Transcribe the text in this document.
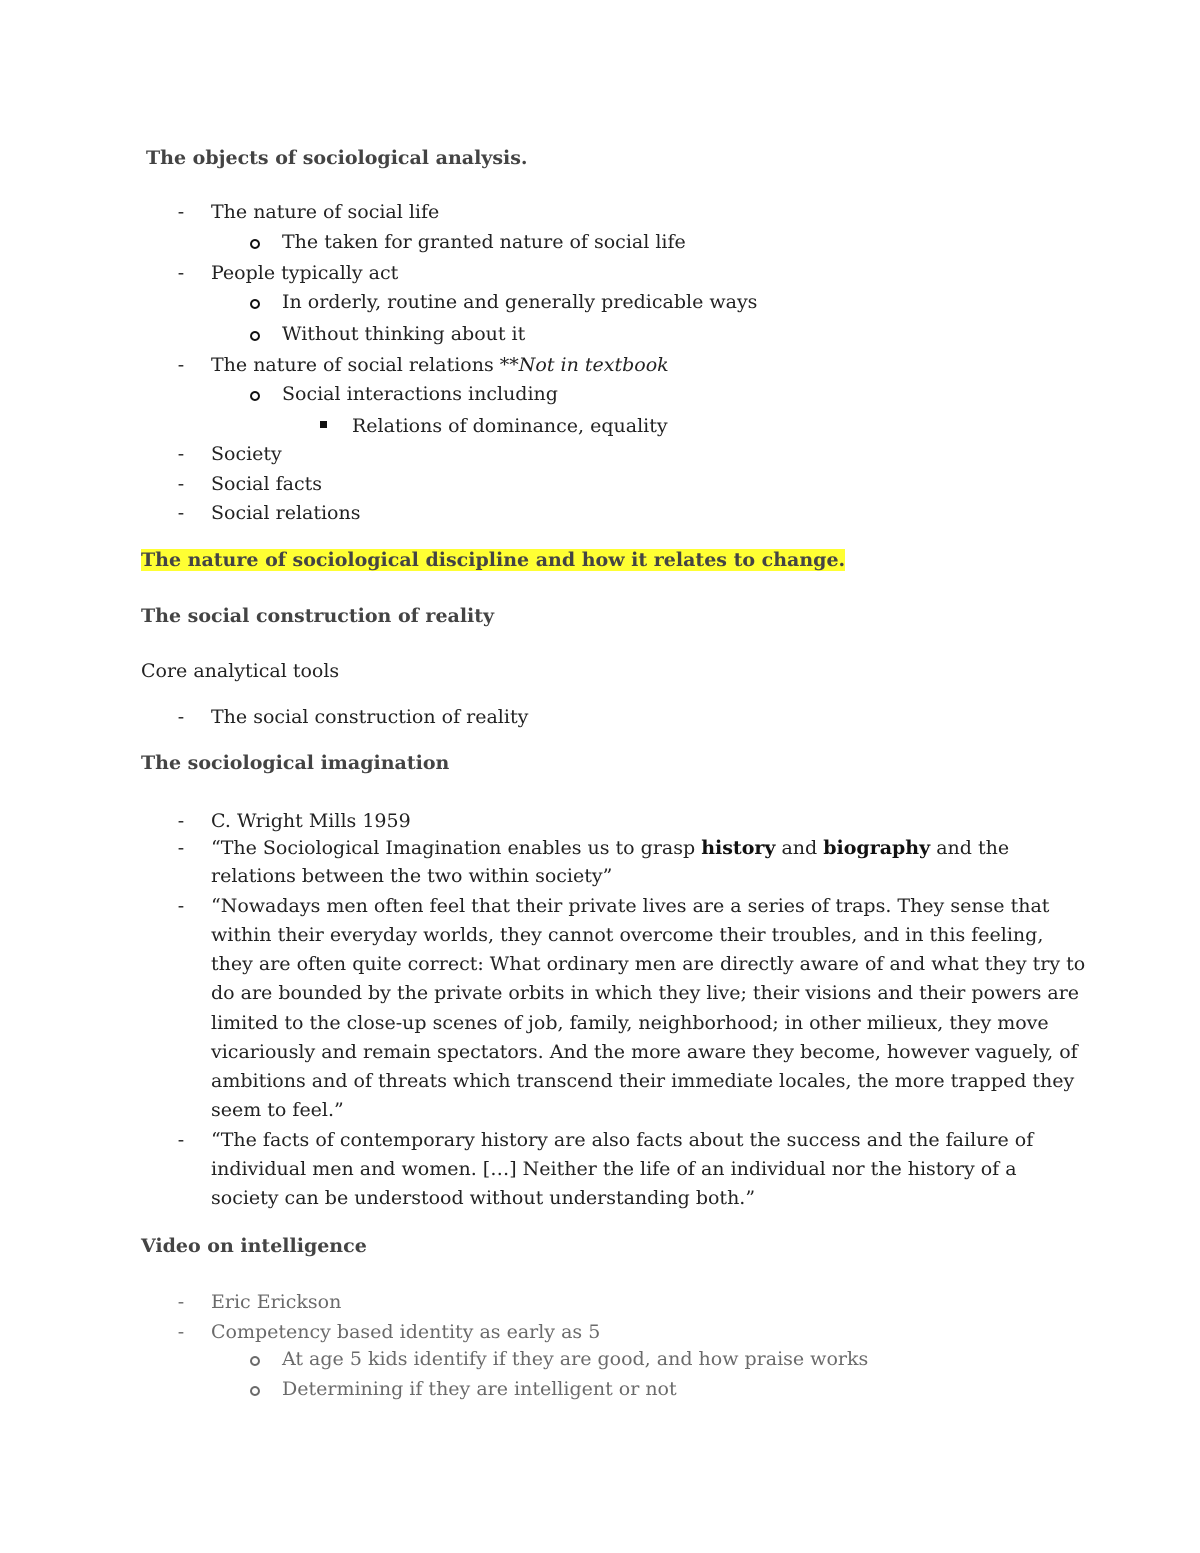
The objects of sociological analysis.
- The nature of social life
The taken for granted nature of social life
- People typically act
In orderly, routine and generally predicable ways
Without thinking about it
- The nature of social relations **Not in textbook
Social interactions including
Relations of dominance, equality
- Society
- Social facts
- Social relations
The nature of sociological discipline and how it relates to change.
The social construction of reality
Core analytical tools
- The social construction of reality
The sociological imagination
- C. Wright Mills 1959
- “The Sociological Imagination enables us to grasp history and biography and the
relations between the two within society”
- “Nowadays men often feel that their private lives are a series of traps. They sense that
within their everyday worlds, they cannot overcome their troubles, and in this feeling,
they are often quite correct: What ordinary men are directly aware of and what they try to
do are bounded by the private orbits in which they live; their visions and their powers are
limited to the close-up scenes of job, family, neighborhood; in other milieux, they move
vicariously and remain spectators. And the more aware they become, however vaguely, of
ambitions and of threats which transcend their immediate locales, the more trapped they
seem to feel.”
- “The facts of contemporary history are also facts about the success and the failure of
individual men and women. […] Neither the life of an individual nor the history of a
society can be understood without understanding both.”
Video on intelligence
- Eric Erickson
- Competency based identity as early as 5
At age 5 kids identify if they are good, and how praise works
Determining if they are intelligent or not
